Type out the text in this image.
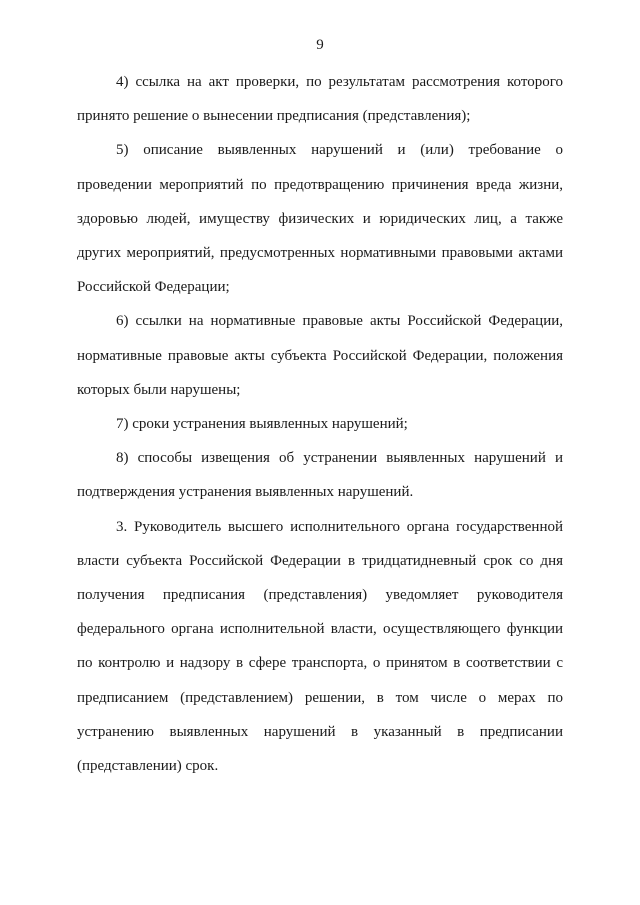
9

4) ссылка на акт проверки, по результатам рассмотрения которого принято решение о вынесении предписания (представления);

5) описание выявленных нарушений и (или) требование о проведении мероприятий по предотвращению причинения вреда жизни, здоровью людей, имуществу физических и юридических лиц, а также других мероприятий, предусмотренных нормативными правовыми актами Российской Федерации;

6) ссылки на нормативные правовые акты Российской Федерации, нормативные правовые акты субъекта Российской Федерации, положения которых были нарушены;

7) сроки устранения выявленных нарушений;

8) способы извещения об устранении выявленных нарушений и подтверждения устранения выявленных нарушений.

3. Руководитель высшего исполнительного органа государственной власти субъекта Российской Федерации в тридцатидневный срок со дня получения предписания (представления) уведомляет руководителя федерального органа исполнительной власти, осуществляющего функции по контролю и надзору в сфере транспорта, о принятом в соответствии с предписанием (представлением) решении, в том числе о мерах по устранению выявленных нарушений в указанный в предписании (представлении) срок.
